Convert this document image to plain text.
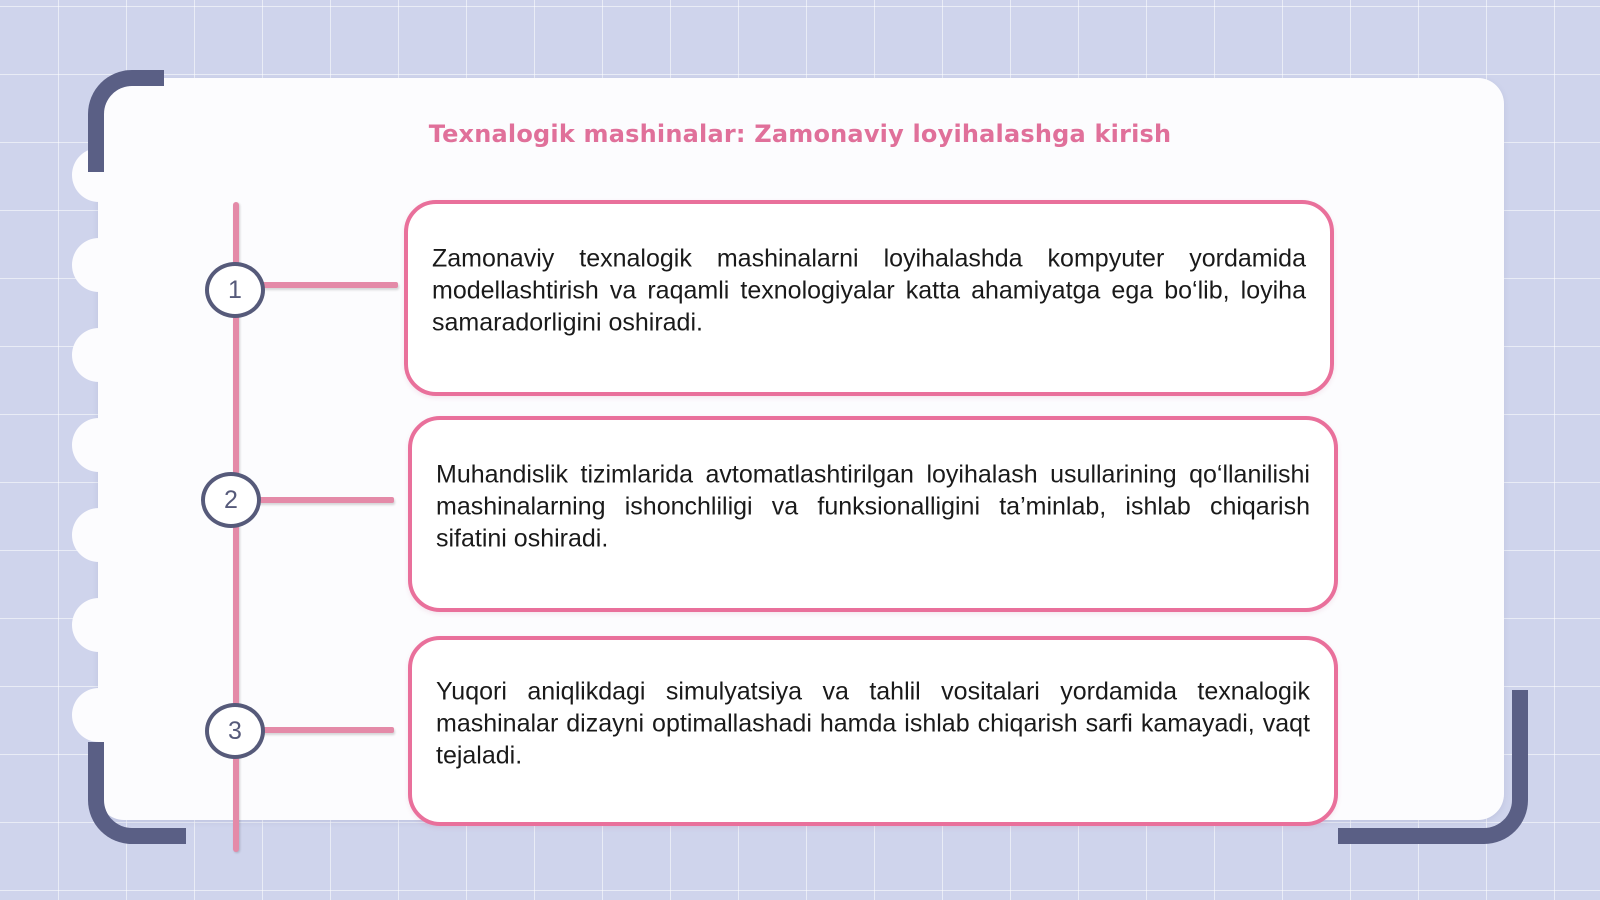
Texnalogik mashinalar: Zamonaviy loyihalashga kirish
1

Zamonaviy texnalogik mashinalarni loyihalashda kompyuter yordamida modellashtirish va raqamli texnologiyalar katta ahamiyatga ega bo‘lib, loyiha samaradorligini oshiradi.

2

Muhandislik tizimlarida avtomatlashtirilgan loyihalash usullarining qo‘llanilishi mashinalarning ishonchliligi va funksionalligini ta’minlab, ishlab chiqarish sifatini oshiradi.

3

Yuqori aniqlikdagi simulyatsiya va tahlil vositalari yordamida texnalogik mashinalar dizayni optimallashadi hamda ishlab chiqarish sarfi kamayadi, vaqt tejaladi.
